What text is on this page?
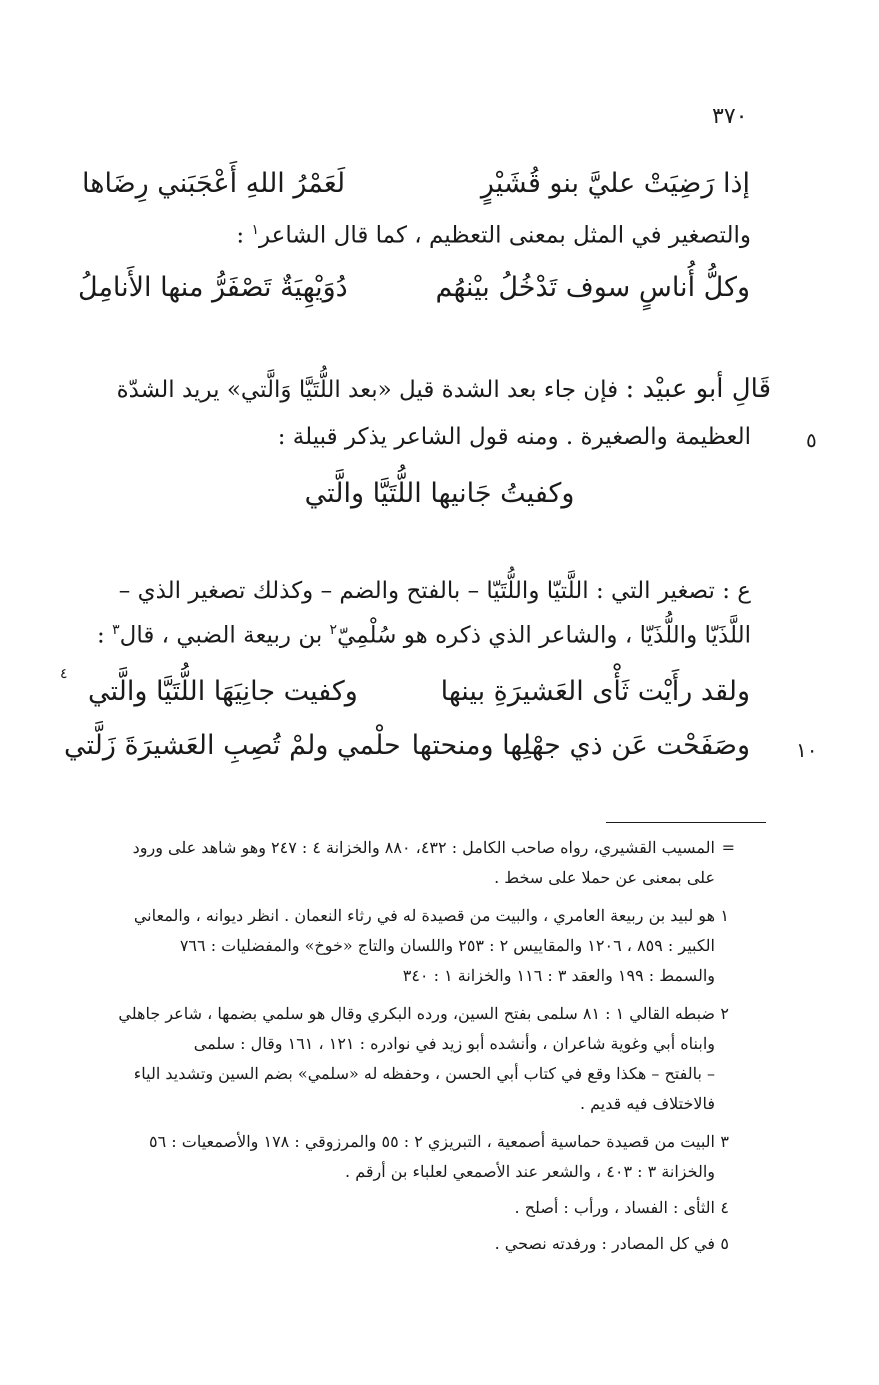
٣٧٠
إذا رَضِيَتْ عليَّ بنو قُشَيْرٍ
لَعَمْرُ اللهِ أَعْجَبَني رِضَاها
والتصغير في المثل بمعنى التعظيم ، كما قال الشاعر$^١$ :
وكلُّ أُناسٍ سوف تَدْخُلُ بيْنهُم
دُوَيْهِيَةٌ تَصْفَرُّ منها الأَنامِلُ
قَالِ أبو عبيْد : فإن جاء بعد الشدة قيل «بعد اللُّتَيَّا وَالَّتي» يريد الشدّة
العظيمة والصغيرة . ومنه قول الشاعر يذكر قبيلة :	٥
وكفيتُ جَانيها اللُّتَيَّا والَّتي
ع : تصغير التي : اللَّتيّا واللُّتَيّا – بالفتح والضم – وكذلك تصغير الذي –
اللَّذَيّا واللُّذَيّا ، والشاعر الذي ذكره هو سُلْمِيّ$^٢$ بن ربيعة الضبي ، قال$^٣$ :
ولقد رأَيْت ثَأْى العَشيرَةِ بينها
وكفيت جانِيَهَا اللُّتَيَّا والَّتي
٤
وصَفَحْت عَن ذي جهْلِها ومنحتها
حلْمي ولمْ تُصِبِ العَشيرَةَ زَلَّتي	١٠
=
المسيب القشيري، رواه صاحب الكامل : ٤٣٢، ٨٨٠ والخزانة ٤ : ٢٤٧ وهو شاهد على ورود
على بمعنى عن حملا على سخط .
١
هو لبيد بن ربيعة العامري ، والبيت من قصيدة له في رثاء النعمان . انظر ديوانه ، والمعاني
الكبير : ٨٥٩ ، ١٢٠٦ والمقاييس ٢ : ٢٥٣ واللسان والتاج «خوخ» والمفضليات : ٧٦٦
والسمط : ١٩٩ والعقد ٣ : ١١٦ والخزانة ١ : ٣٤٠
٢
ضبطه القالي ١ : ٨١ سلمى بفتح السين، ورده البكري وقال هو سلمي بضمها ، شاعر جاهلي
وابناه أبي وغوية شاعران ، وأنشده أبو زيد في نوادره : ١٢١ ، ١٦١ وقال : سلمى
– بالفتح – هكذا وقع في كتاب أبي الحسن ، وحفظه له «سلمي» بضم السين وتشديد الياء
فالاختلاف فيه قديم .
٣
البيت من قصيدة حماسية أصمعية ، التبريزي ٢ : ٥٥ والمرزوقي : ١٧٨ والأصمعيات : ٥٦
والخزانة ٣ : ٤٠٣ ، والشعر عند الأصمعي لعلباء بن أرقم .
٤
الثأى : الفساد ، ورأب : أصلح .
٥
في كل المصادر : ورفدته نصحي .
